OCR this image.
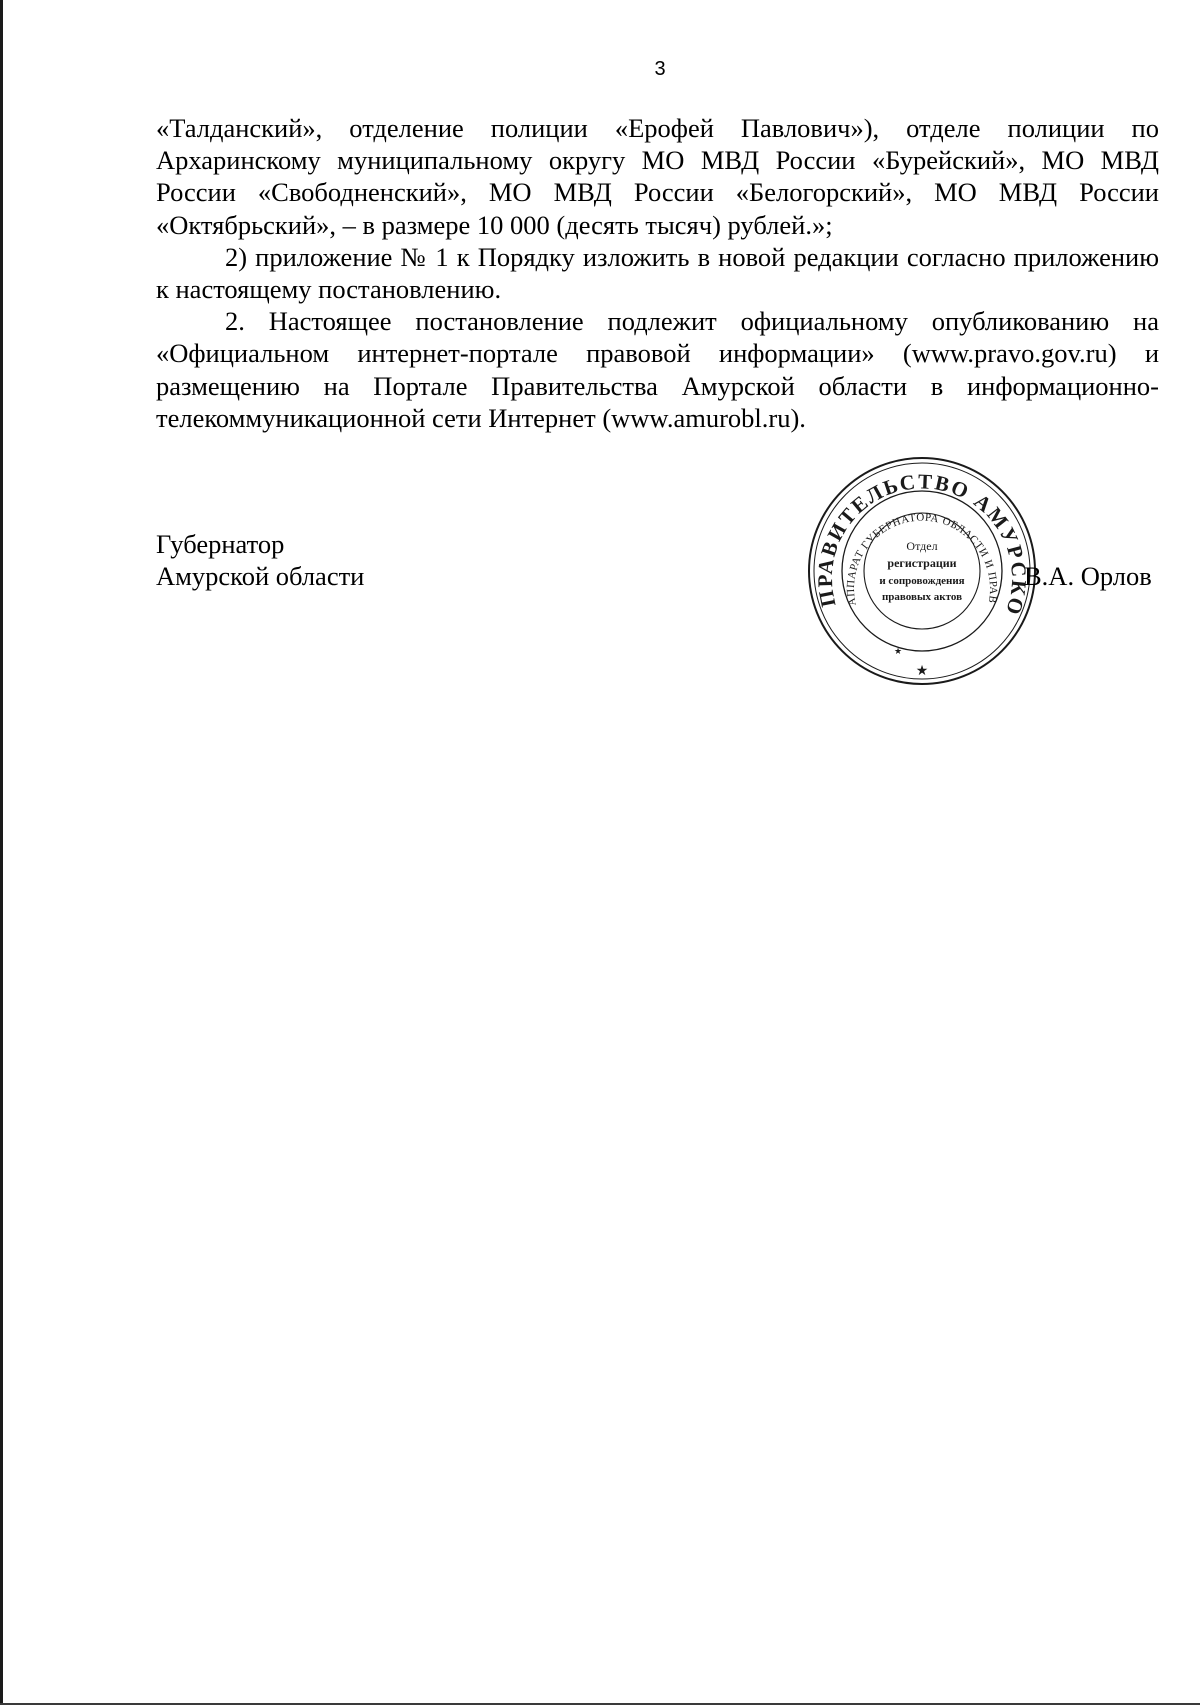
3

«Талданский», отделение полиции «Ерофей Павлович»), отделе полиции по Архаринскому муниципальному округу МО МВД России «Бурейский», МО МВД России «Свободненский», МО МВД России «Белогорский», МО МВД России «Октябрьский», – в размере 10 000 (десять тысяч) рублей.»;

2) приложение № 1 к Порядку изложить в новой редакции согласно приложению к настоящему постановлению.

2. Настоящее постановление подлежит официальному опубликованию на «Официальном интернет-портале правовой информации» (www.pravo.gov.ru) и размещению на Портале Правительства Амурской области в информационно-телекоммуникационной сети Интернет (www.amurobl.ru).

Губернатор
Амурской области
ПРАВИТЕЛЬСТВО АМУРСКО
АППАРАТ ГУБЕРНАТОРА ОБЛАСТИ И ПРАВ
Отдел
регистрации
и сопровождения
правовых актов
★
★
В.А. Орлов
